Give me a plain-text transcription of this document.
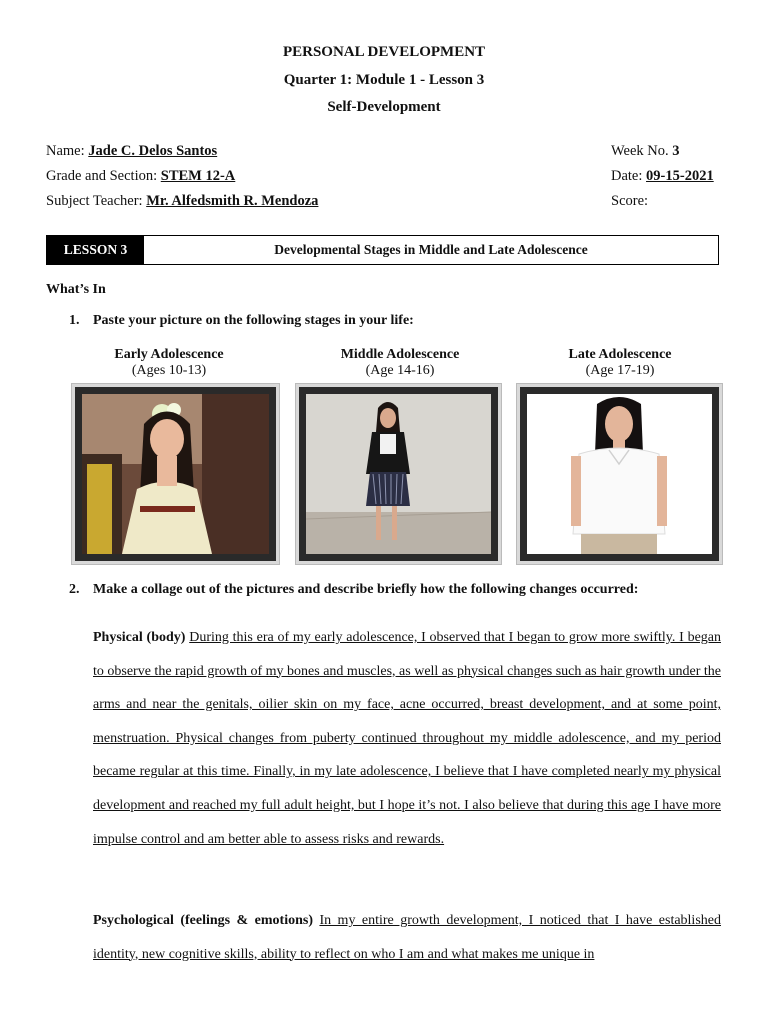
PERSONAL DEVELOPMENT
Quarter 1: Module 1 - Lesson 3
Self-Development
Name: Jade C. Delos Santos
Grade and Section: STEM 12-A
Subject Teacher: Mr. Alfedsmith R. Mendoza
Week No. 3
Date: 09-15-2021
Score:
LESSON 3	Developmental Stages in Middle and Late Adolescence
What’s In
1. Paste your picture on the following stages in your life:
Early Adolescence
(Ages 10-13)
Middle Adolescence
(Age 14-16)
Late Adolescence
(Age 17-19)
2. Make a collage out of the pictures and describe briefly how the following changes occurred:
Physical (body) During this era of my early adolescence, I observed that I began to grow more swiftly. I began to observe the rapid growth of my bones and muscles, as well as physical changes such as hair growth under the arms and near the genitals, oilier skin on my face, acne occurred, breast development, and at some point, menstruation. Physical changes from puberty continued throughout my middle adolescence, and my period became regular at this time. Finally, in my late adolescence, I believe that I have completed nearly my physical development and reached my full adult height, but I hope it’s not. I also believe that during this age I have more impulse control and am better able to assess risks and rewards.
Psychological (feelings & emotions) In my entire growth development, I noticed that I have established identity, new cognitive skills, ability to reflect on who I am and what makes me unique in
